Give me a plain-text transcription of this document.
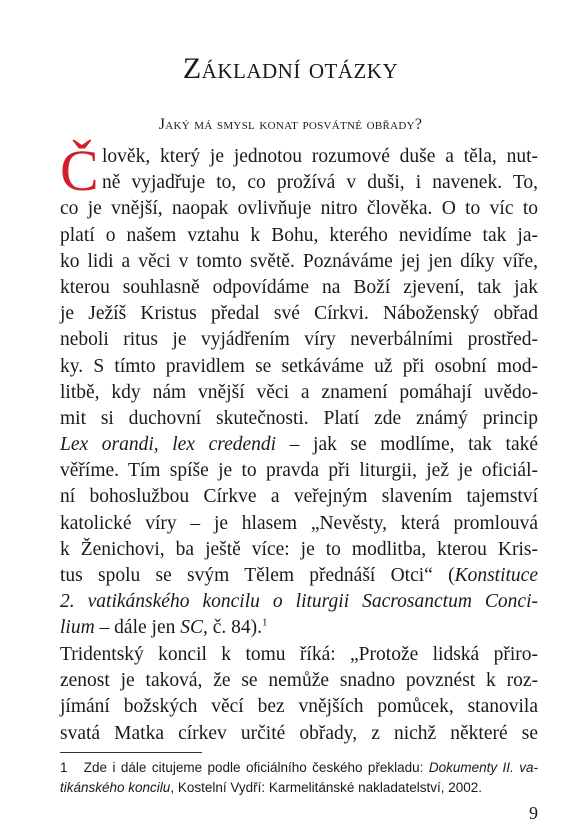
Základní otázky
Jaký má smysl konat posvátné obřady?
Č lověk, který je jednotou rozumové duše a těla, nut-
ně vyjadřuje to, co prožívá v duši, i navenek. To,
co je vnější, naopak ovlivňuje nitro člověka. O to víc to
platí o našem vztahu k Bohu, kterého nevidíme tak ja-
ko lidi a věci v tomto světě. Poznáváme jej jen díky víře,
kterou souhlasně odpovídáme na Boží zjevení, tak jak
je Ježíš Kristus předal své Církvi. Náboženský obřad
neboli ritus je vyjádřením víry neverbálními prostřed-
ky. S tímto pravidlem se setkáváme už při osobní mod-
litbě, kdy nám vnější věci a znamení pomáhají uvědo-
mit si duchovní skutečnosti. Platí zde známý princip
Lex orandi, lex credendi – jak se modlíme, tak také
věříme. Tím spíše je to pravda při liturgii, jež je oficiál-
ní bohoslužbou Církve a veřejným slavením tajemství
katolické víry – je hlasem „Nevěsty, která promlouvá
k Ženichovi, ba ještě více: je to modlitba, kterou Kris-
tus spolu se svým Tělem přednáší Otci“ (Konstituce
2. vatikánského koncilu o liturgii Sacrosanctum Conci-
lium – dále jen SC, č. 84).$^1$
Tridentský koncil k tomu říká: „Protože lidská přiro-
zenost je taková, že se nemůže snadno povznést k roz-
jímání božských věcí bez vnějších pomůcek, stanovila
svatá Matka církev určité obřady, z nichž některé se
1 Zde i dále citujeme podle oficiálního českého překladu: Dokumenty II. va-
tikánského koncilu, Kostelní Vydří: Karmelitánské nakladatelství, 2002.
9
